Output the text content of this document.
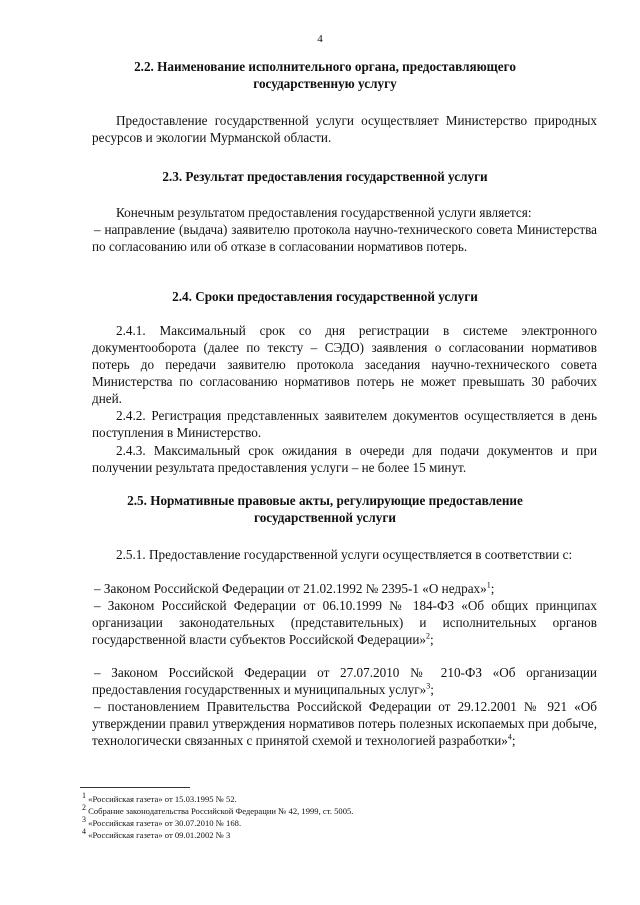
4
2.2. Наименование исполнительного органа, предоставляющего
государственную услугу
Предоставление государственной услуги осуществляет Министерство природных ресурсов и экологии Мурманской области.
2.3. Результат предоставления государственной услуги
Конечным результатом предоставления государственной услуги является:
– направление (выдача) заявителю протокола научно-технического совета Министерства по согласованию или об отказе в согласовании нормативов потерь.
2.4. Сроки предоставления государственной услуги
2.4.1. Максимальный срок со дня регистрации в системе электронного документооборота (далее по тексту – СЭДО) заявления о согласовании нормативов потерь до передачи заявителю протокола заседания научно-технического совета Министерства по согласованию нормативов потерь не может превышать 30 рабочих дней.
2.4.2. Регистрация представленных заявителем документов осуществляется в день поступления в Министерство.
2.4.3. Максимальный срок ожидания в очереди для подачи документов и при получении результата предоставления услуги – не более 15 минут.
2.5. Нормативные правовые акты, регулирующие предоставление
государственной услуги
2.5.1. Предоставление государственной услуги осуществляется в соответствии с:
– Законом Российской Федерации от 21.02.1992 № 2395-1 «О недрах»$^1$;
– Законом Российской Федерации от 06.10.1999 № 184-ФЗ «Об общих принципах организации законодательных (представительных) и исполнительных органов государственной власти субъектов Российской Федерации»$^2$;
– Законом Российской Федерации от 27.07.2010 № 210-ФЗ «Об организации предоставления государственных и муниципальных услуг»$^3$;
– постановлением Правительства Российской Федерации от 29.12.2001 № 921 «Об утверждении правил утверждения нормативов потерь полезных ископаемых при добыче, технологически связанных с принятой схемой и технологией разработки»$^4$;
$^1$ «Российская газета» от 15.03.1995 № 52.
$^2$ Собрание законодательства Российской Федерации № 42, 1999, ст. 5005.
$^3$ «Российская газета» от 30.07.2010 № 168.
$^4$ «Российская газета» от 09.01.2002 № 3
